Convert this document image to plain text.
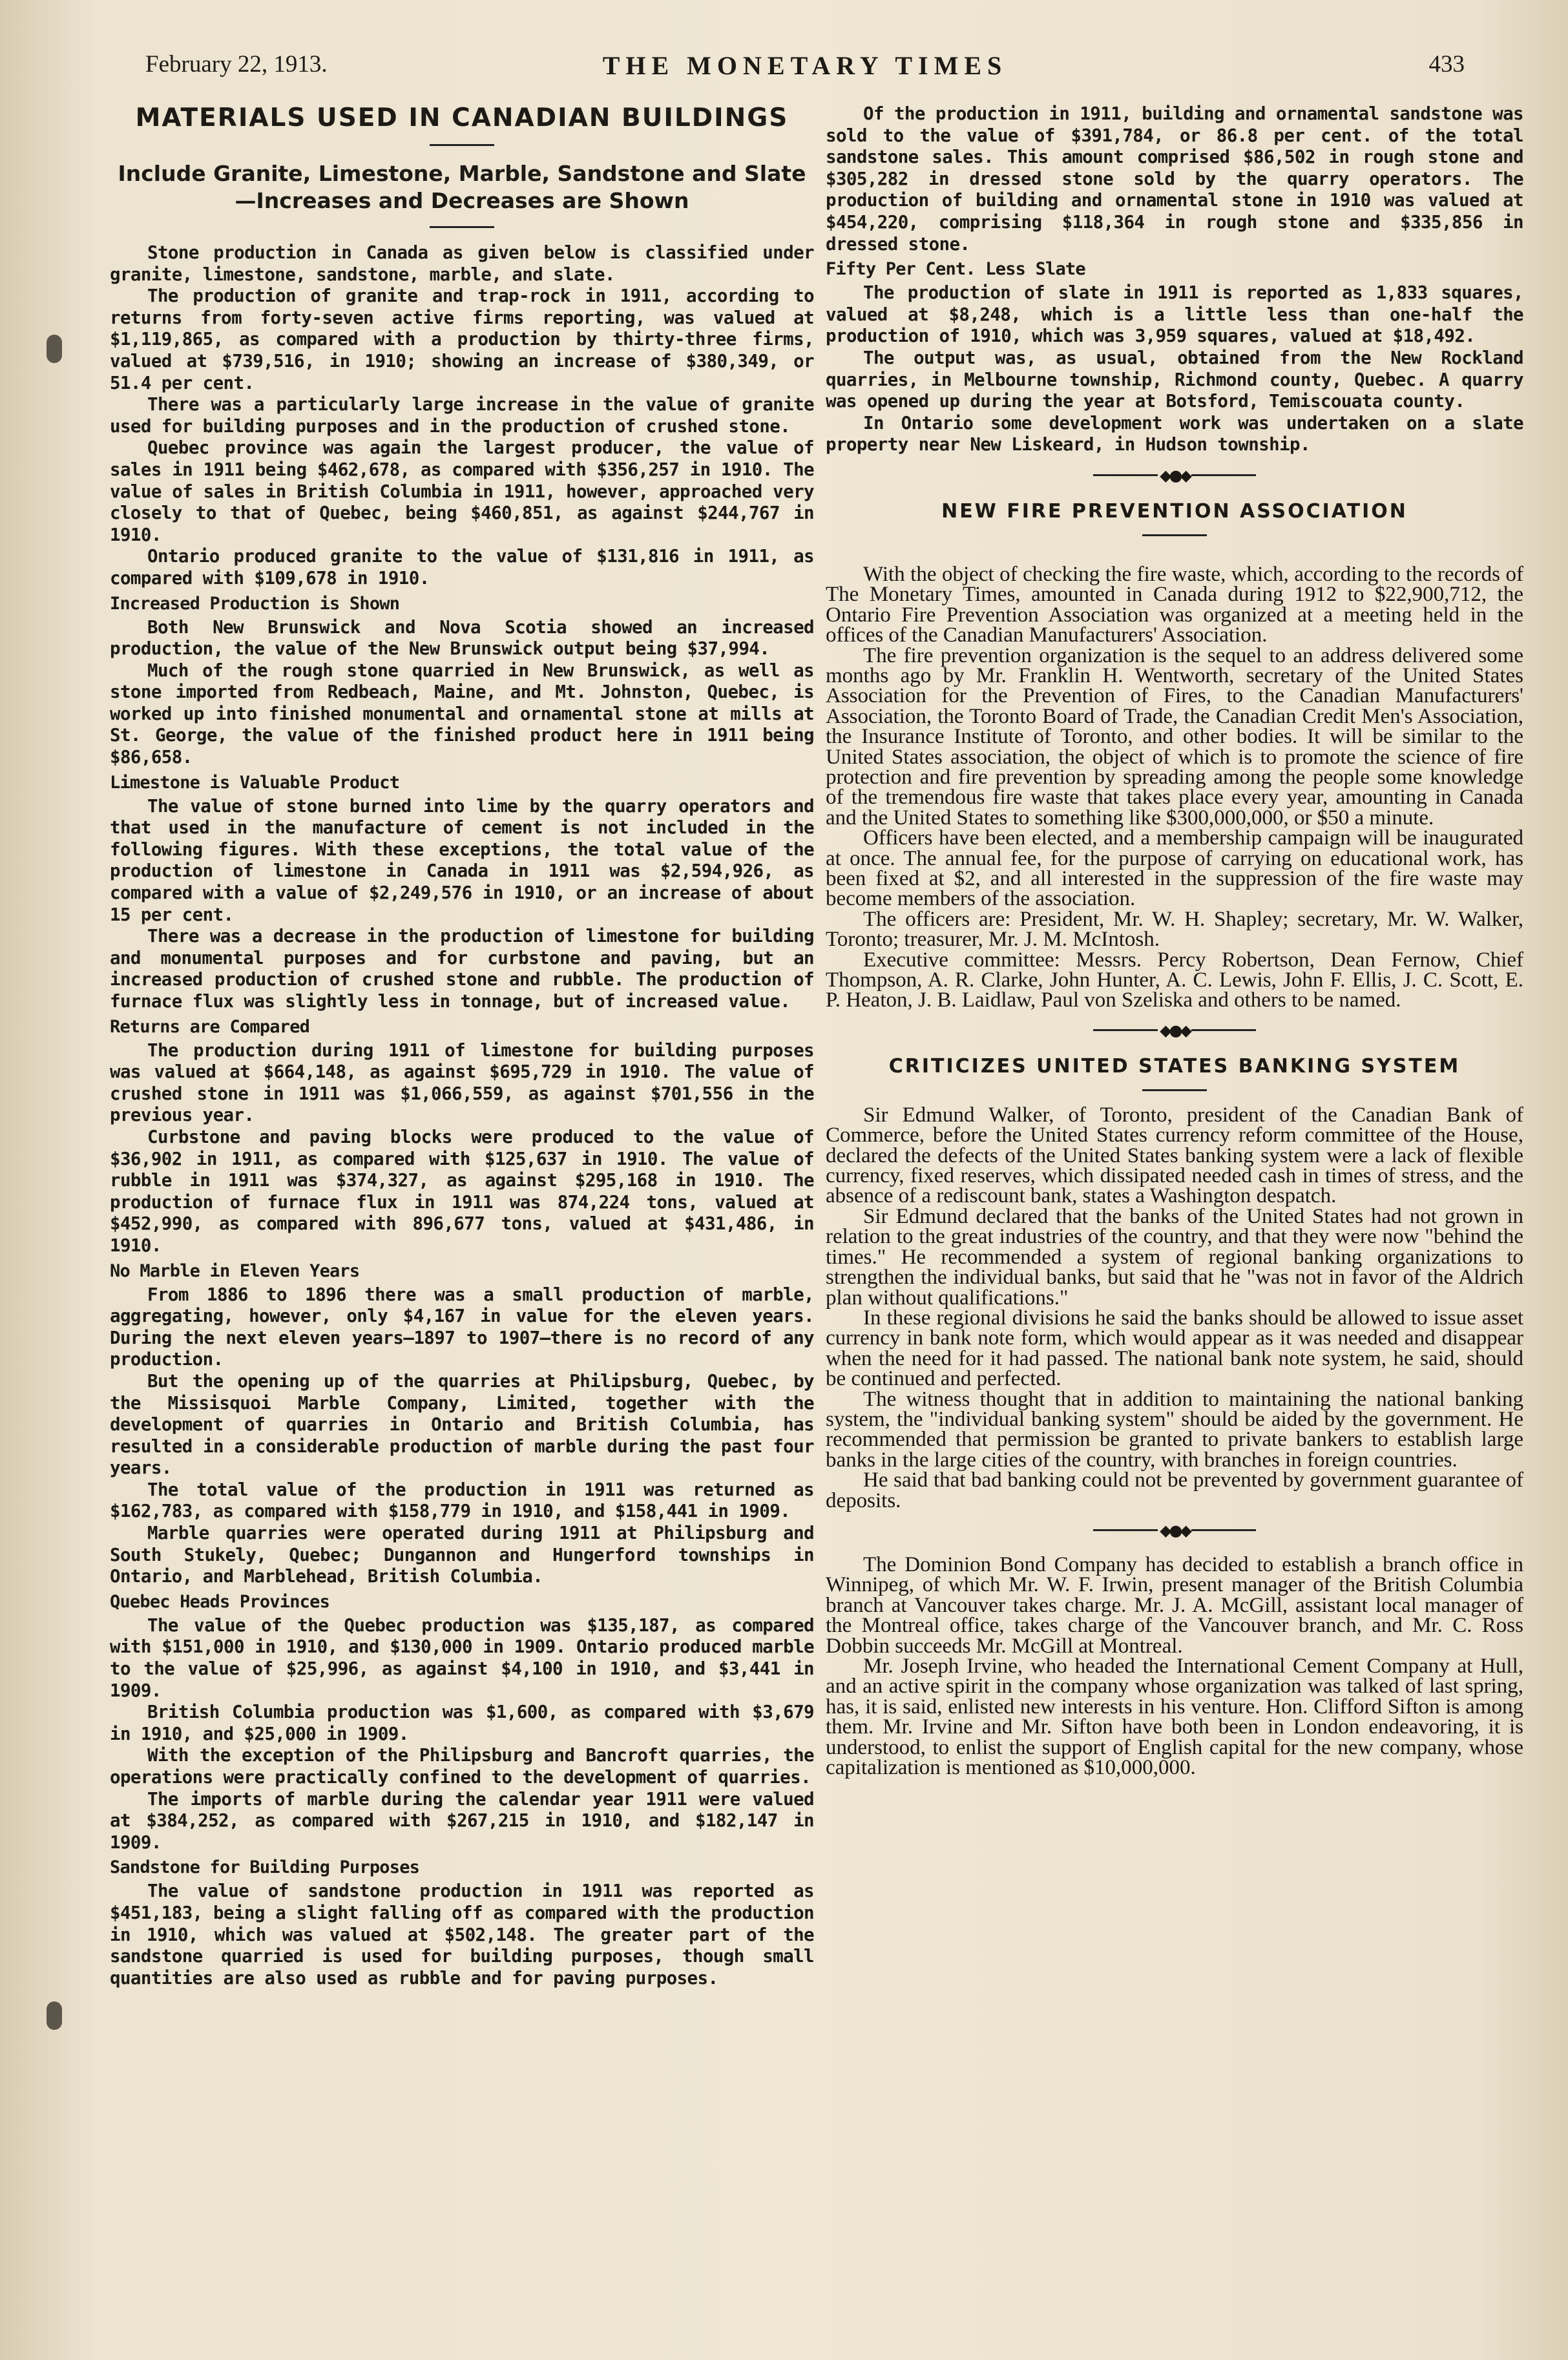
February 22, 1913.	THE MONETARY TIMES	433
MATERIALS USED IN CANADIAN BUILDINGS

Include Granite, Limestone, Marble, Sandstone and Slate—Increases and Decreases are Shown

Stone production in Canada as given below is classified under granite, limestone, sandstone, marble, and slate.

The production of granite and trap-rock in 1911, according to returns from forty-seven active firms reporting, was valued at $1,119,865, as compared with a production by thirty-three firms, valued at $739,516, in 1910; showing an increase of $380,349, or 51.4 per cent.

There was a particularly large increase in the value of granite used for building purposes and in the production of crushed stone.

Quebec province was again the largest producer, the value of sales in 1911 being $462,678, as compared with $356,257 in 1910. The value of sales in British Columbia in 1911, however, approached very closely to that of Quebec, being $460,851, as against $244,767 in 1910.

Ontario produced granite to the value of $131,816 in 1911, as compared with $109,678 in 1910.

Increased Production is Shown

Both New Brunswick and Nova Scotia showed an increased production, the value of the New Brunswick output being $37,994.

Much of the rough stone quarried in New Brunswick, as well as stone imported from Redbeach, Maine, and Mt. Johnston, Quebec, is worked up into finished monumental and ornamental stone at mills at St. George, the value of the finished product here in 1911 being $86,658.

Limestone is Valuable Product

The value of stone burned into lime by the quarry operators and that used in the manufacture of cement is not included in the following figures. With these exceptions, the total value of the production of limestone in Canada in 1911 was $2,594,926, as compared with a value of $2,249,576 in 1910, or an increase of about 15 per cent.

There was a decrease in the production of limestone for building and monumental purposes and for curbstone and paving, but an increased production of crushed stone and rubble. The production of furnace flux was slightly less in tonnage, but of increased value.

Returns are Compared

The production during 1911 of limestone for building purposes was valued at $664,148, as against $695,729 in 1910. The value of crushed stone in 1911 was $1,066,559, as against $701,556 in the previous year.

Curbstone and paving blocks were produced to the value of $36,902 in 1911, as compared with $125,637 in 1910. The value of rubble in 1911 was $374,327, as against $295,168 in 1910. The production of furnace flux in 1911 was 874,224 tons, valued at $452,990, as compared with 896,677 tons, valued at $431,486, in 1910.

No Marble in Eleven Years

From 1886 to 1896 there was a small production of marble, aggregating, however, only $4,167 in value for the eleven years. During the next eleven years—1897 to 1907—there is no record of any production.

But the opening up of the quarries at Philipsburg, Quebec, by the Missisquoi Marble Company, Limited, together with the development of quarries in Ontario and British Columbia, has resulted in a considerable production of marble during the past four years.

The total value of the production in 1911 was returned as $162,783, as compared with $158,779 in 1910, and $158,441 in 1909.

Marble quarries were operated during 1911 at Philipsburg and South Stukely, Quebec; Dungannon and Hungerford townships in Ontario, and Marblehead, British Columbia.

Quebec Heads Provinces

The value of the Quebec production was $135,187, as compared with $151,000 in 1910, and $130,000 in 1909. Ontario produced marble to the value of $25,996, as against $4,100 in 1910, and $3,441 in 1909.

British Columbia production was $1,600, as compared with $3,679 in 1910, and $25,000 in 1909.

With the exception of the Philipsburg and Bancroft quarries, the operations were practically confined to the development of quarries.

The imports of marble during the calendar year 1911 were valued at $384,252, as compared with $267,215 in 1910, and $182,147 in 1909.

Sandstone for Building Purposes

The value of sandstone production in 1911 was reported as $451,183, being a slight falling off as compared with the production in 1910, which was valued at $502,148. The greater part of the sandstone quarried is used for building purposes, though small quantities are also used as rubble and for paving purposes.

Of the production in 1911, building and ornamental sandstone was sold to the value of $391,784, or 86.8 per cent. of the total sandstone sales. This amount comprised $86,502 in rough stone and $305,282 in dressed stone sold by the quarry operators. The production of building and ornamental stone in 1910 was valued at $454,220, comprising $118,364 in rough stone and $335,856 in dressed stone.

Fifty Per Cent. Less Slate

The production of slate in 1911 is reported as 1,833 squares, valued at $8,248, which is a little less than one-half the production of 1910, which was 3,959 squares, valued at $18,492.

The output was, as usual, obtained from the New Rockland quarries, in Melbourne township, Richmond county, Quebec. A quarry was opened up during the year at Botsford, Temiscouata county.

In Ontario some development work was undertaken on a slate property near New Liskeard, in Hudson township.

◆●◆
NEW FIRE PREVENTION ASSOCIATION

With the object of checking the fire waste, which, according to the records of The Monetary Times, amounted in Canada during 1912 to $22,900,712, the Ontario Fire Prevention Association was organized at a meeting held in the offices of the Canadian Manufacturers' Association.

The fire prevention organization is the sequel to an address delivered some months ago by Mr. Franklin H. Wentworth, secretary of the United States Association for the Prevention of Fires, to the Canadian Manufacturers' Association, the Toronto Board of Trade, the Canadian Credit Men's Association, the Insurance Institute of Toronto, and other bodies. It will be similar to the United States association, the object of which is to promote the science of fire protection and fire prevention by spreading among the people some knowledge of the tremendous fire waste that takes place every year, amounting in Canada and the United States to something like $300,000,000, or $50 a minute.

Officers have been elected, and a membership campaign will be inaugurated at once. The annual fee, for the purpose of carrying on educational work, has been fixed at $2, and all interested in the suppression of the fire waste may become members of the association.

The officers are: President, Mr. W. H. Shapley; secretary, Mr. W. Walker, Toronto; treasurer, Mr. J. M. McIntosh.

Executive committee: Messrs. Percy Robertson, Dean Fernow, Chief Thompson, A. R. Clarke, John Hunter, A. C. Lewis, John F. Ellis, J. C. Scott, E. P. Heaton, J. B. Laidlaw, Paul von Szeliska and others to be named.

◆●◆
CRITICIZES UNITED STATES BANKING SYSTEM

Sir Edmund Walker, of Toronto, president of the Canadian Bank of Commerce, before the United States currency reform committee of the House, declared the defects of the United States banking system were a lack of flexible currency, fixed reserves, which dissipated needed cash in times of stress, and the absence of a rediscount bank, states a Washington despatch.

Sir Edmund declared that the banks of the United States had not grown in relation to the great industries of the country, and that they were now "behind the times." He recommended a system of regional banking organizations to strengthen the individual banks, but said that he "was not in favor of the Aldrich plan without qualifications."

In these regional divisions he said the banks should be allowed to issue asset currency in bank note form, which would appear as it was needed and disappear when the need for it had passed. The national bank note system, he said, should be continued and perfected.

The witness thought that in addition to maintaining the national banking system, the "individual banking system" should be aided by the government. He recommended that permission be granted to private bankers to establish large banks in the large cities of the country, with branches in foreign countries.

He said that bad banking could not be prevented by government guarantee of deposits.

◆●◆

The Dominion Bond Company has decided to establish a branch office in Winnipeg, of which Mr. W. F. Irwin, present manager of the British Columbia branch at Vancouver takes charge. Mr. J. A. McGill, assistant local manager of the Montreal office, takes charge of the Vancouver branch, and Mr. C. Ross Dobbin succeeds Mr. McGill at Montreal.

Mr. Joseph Irvine, who headed the International Cement Company at Hull, and an active spirit in the company whose organization was talked of last spring, has, it is said, enlisted new interests in his venture. Hon. Clifford Sifton is among them. Mr. Irvine and Mr. Sifton have both been in London endeavoring, it is understood, to enlist the support of English capital for the new company, whose capitalization is mentioned as $10,000,000.
